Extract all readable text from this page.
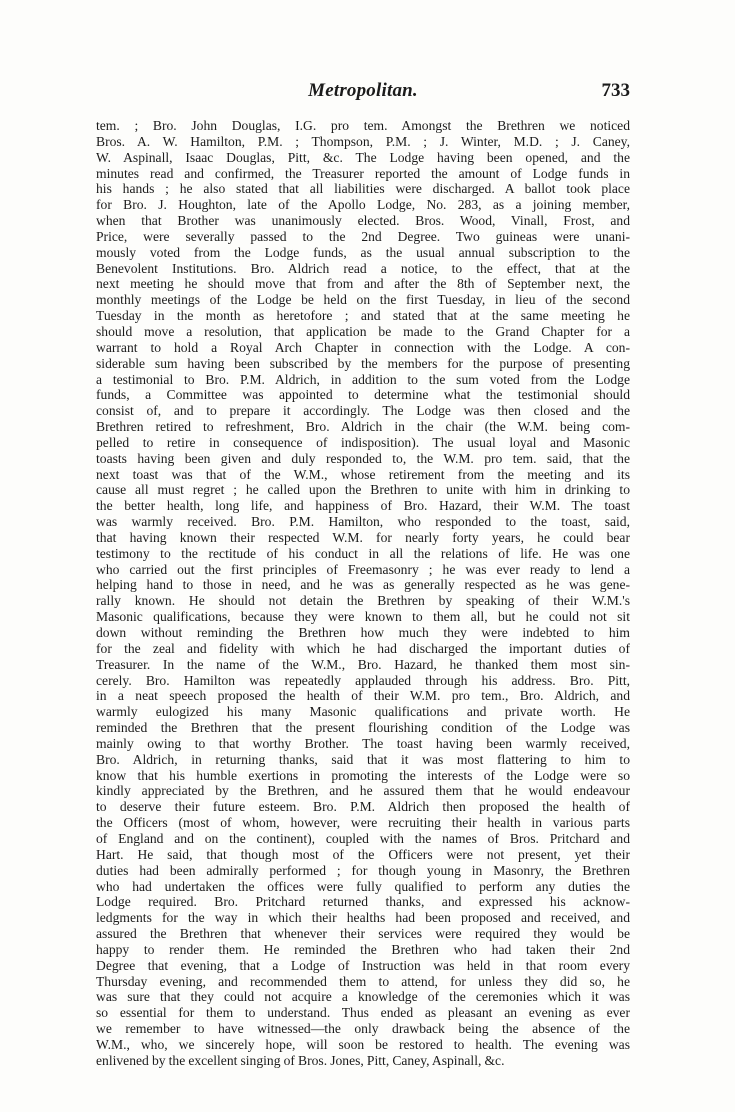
Metropolitan.	733
tem. ; Bro. John Douglas, I.G. pro tem. Amongst the Brethren we noticed
Bros. A. W. Hamilton, P.M. ; Thompson, P.M. ; J. Winter, M.D. ; J. Caney,
W. Aspinall, Isaac Douglas, Pitt, &c. The Lodge having been opened, and the
minutes read and confirmed, the Treasurer reported the amount of Lodge funds in
his hands ; he also stated that all liabilities were discharged. A ballot took place
for Bro. J. Houghton, late of the Apollo Lodge, No. 283, as a joining member,
when that Brother was unanimously elected. Bros. Wood, Vinall, Frost, and
Price, were severally passed to the 2nd Degree. Two guineas were unani-
mously voted from the Lodge funds, as the usual annual subscription to the
Benevolent Institutions. Bro. Aldrich read a notice, to the effect, that at the
next meeting he should move that from and after the 8th of September next, the
monthly meetings of the Lodge be held on the first Tuesday, in lieu of the second
Tuesday in the month as heretofore ; and stated that at the same meeting he
should move a resolution, that application be made to the Grand Chapter for a
warrant to hold a Royal Arch Chapter in connection with the Lodge. A con-
siderable sum having been subscribed by the members for the purpose of presenting
a testimonial to Bro. P.M. Aldrich, in addition to the sum voted from the Lodge
funds, a Committee was appointed to determine what the testimonial should
consist of, and to prepare it accordingly. The Lodge was then closed and the
Brethren retired to refreshment, Bro. Aldrich in the chair (the W.M. being com-
pelled to retire in consequence of indisposition). The usual loyal and Masonic
toasts having been given and duly responded to, the W.M. pro tem. said, that the
next toast was that of the W.M., whose retirement from the meeting and its
cause all must regret ; he called upon the Brethren to unite with him in drinking to
the better health, long life, and happiness of Bro. Hazard, their W.M. The toast
was warmly received. Bro. P.M. Hamilton, who responded to the toast, said,
that having known their respected W.M. for nearly forty years, he could bear
testimony to the rectitude of his conduct in all the relations of life. He was one
who carried out the first principles of Freemasonry ; he was ever ready to lend a
helping hand to those in need, and he was as generally respected as he was gene-
rally known. He should not detain the Brethren by speaking of their W.M.'s
Masonic qualifications, because they were known to them all, but he could not sit
down without reminding the Brethren how much they were indebted to him
for the zeal and fidelity with which he had discharged the important duties of
Treasurer. In the name of the W.M., Bro. Hazard, he thanked them most sin-
cerely. Bro. Hamilton was repeatedly applauded through his address. Bro. Pitt,
in a neat speech proposed the health of their W.M. pro tem., Bro. Aldrich, and
warmly eulogized his many Masonic qualifications and private worth. He
reminded the Brethren that the present flourishing condition of the Lodge was
mainly owing to that worthy Brother. The toast having been warmly received,
Bro. Aldrich, in returning thanks, said that it was most flattering to him to
know that his humble exertions in promoting the interests of the Lodge were so
kindly appreciated by the Brethren, and he assured them that he would endeavour
to deserve their future esteem. Bro. P.M. Aldrich then proposed the health of
the Officers (most of whom, however, were recruiting their health in various parts
of England and on the continent), coupled with the names of Bros. Pritchard and
Hart. He said, that though most of the Officers were not present, yet their
duties had been admirally performed ; for though young in Masonry, the Brethren
who had undertaken the offices were fully qualified to perform any duties the
Lodge required. Bro. Pritchard returned thanks, and expressed his acknow-
ledgments for the way in which their healths had been proposed and received, and
assured the Brethren that whenever their services were required they would be
happy to render them. He reminded the Brethren who had taken their 2nd
Degree that evening, that a Lodge of Instruction was held in that room every
Thursday evening, and recommended them to attend, for unless they did so, he
was sure that they could not acquire a knowledge of the ceremonies which it was
so essential for them to understand. Thus ended as pleasant an evening as ever
we remember to have witnessed—the only drawback being the absence of the
W.M., who, we sincerely hope, will soon be restored to health. The evening was
enlivened by the excellent singing of Bros. Jones, Pitt, Caney, Aspinall, &c.
